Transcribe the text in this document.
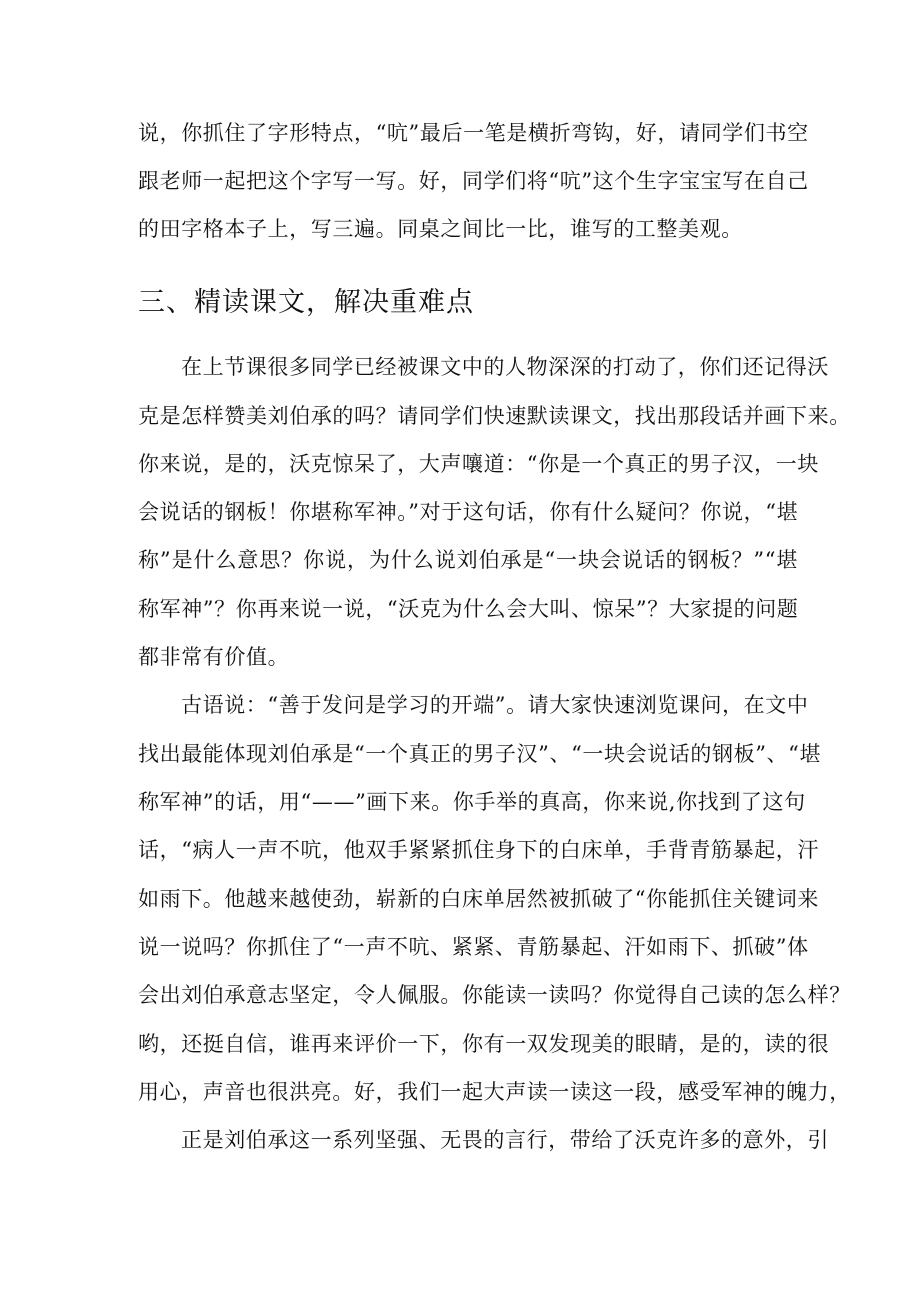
说，你抓住了字形特点，“吭”最后一笔是横折弯钩，好，请同学们书空
跟老师一起把这个字写一写。好，同学们将“吭”这个生字宝宝写在自己
的田字格本子上，写三遍。同桌之间比一比，谁写的工整美观。
三、精读课文，解决重难点
在上节课很多同学已经被课文中的人物深深的打动了，你们还记得沃
克是怎样赞美刘伯承的吗？请同学们快速默读课文，找出那段话并画下来。
你来说，是的，沃克惊呆了，大声嚷道：“你是一个真正的男子汉，一块
会说话的钢板！你堪称军神。”对于这句话，你有什么疑问？你说，“堪
称”是什么意思？你说，为什么说刘伯承是“一块会说话的钢板？”“堪
称军神”？你再来说一说，“沃克为什么会大叫、惊呆”？大家提的问题
都非常有价值。
古语说：“善于发问是学习的开端”。请大家快速浏览课问，在文中
找出最能体现刘伯承是“一个真正的男子汉”、“一块会说话的钢板”、“堪
称军神”的话，用“——”画下来。你手举的真高，你来说,你找到了这句
话，“病人一声不吭，他双手紧紧抓住身下的白床单，手背青筋暴起，汗
如雨下。他越来越使劲，崭新的白床单居然被抓破了“你能抓住关键词来
说一说吗？你抓住了“一声不吭、紧紧、青筋暴起、汗如雨下、抓破”体
会出刘伯承意志坚定，令人佩服。你能读一读吗？你觉得自己读的怎么样？
哟，还挺自信，谁再来评价一下，你有一双发现美的眼睛，是的，读的很
用心，声音也很洪亮。好，我们一起大声读一读这一段，感受军神的魄力，
正是刘伯承这一系列坚强、无畏的言行，带给了沃克许多的意外，引
